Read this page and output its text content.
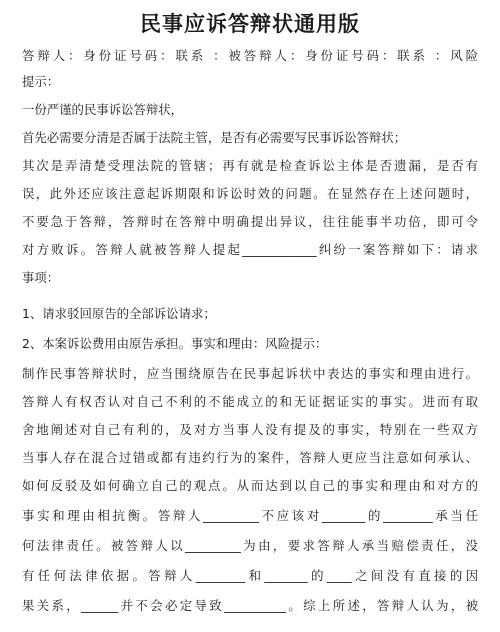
民事应诉答辩状通用版
答辩人：身份证号码：联系 ：被答辩人：身份证号码：联系 ：风险
提示：
一份严谨的民事诉讼答辩状，
首先必需要分清是否属于法院主管，是否有必需要写民事诉讼答辩状；
其次是弄清楚受理法院的管辖；再有就是检查诉讼主体是否遗漏，是否有
误，此外还应该注意起诉期限和诉讼时效的问题。在显然存在上述问题时，
不要急于答辩，答辩时在答辩中明确提出异议，往往能事半功倍，即可令
对方败诉。答辩人就被答辩人提起____________纠纷一案答辩如下：请求
事项：
1、请求驳回原告的全部诉讼请求；
2、本案诉讼费用由原告承担。事实和理由：风险提示：
制作民事答辩状时，应当围绕原告在民事起诉状中表达的事实和理由进行。
答辩人有权否认对自己不利的不能成立的和无证据证实的事实。进而有取
舍地阐述对自己有利的，及对方当事人没有提及的事实，特别在一些双方
当事人存在混合过错或都有违约行为的案件，答辩人更应当注意如何承认、
如何反驳及如何确立自己的观点。从而达到以自己的事实和理由和对方的
事实和理由相抗衡。答辩人_________不应该对_______的________承当任
何法律责任。被答辩人以_________为由，要求答辩人承当赔偿责任，没
有任何法律依据。答辩人________和_______的____之间没有直接的因
果关系，______并不会必定导致__________。综上所述，答辩人认为，被
